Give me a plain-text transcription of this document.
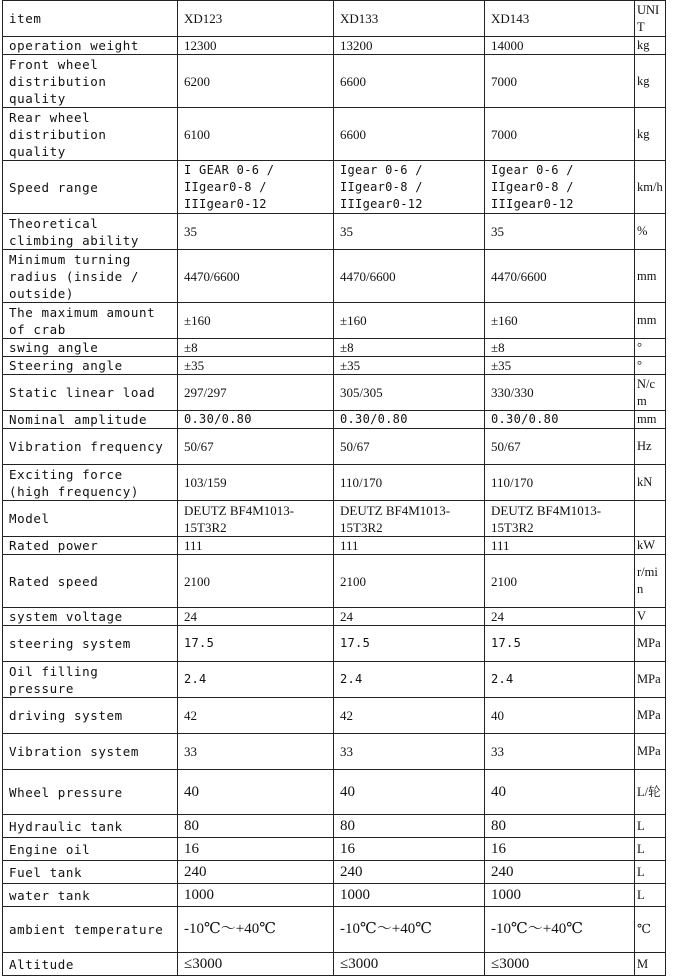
item	XD123	XD133	XD143	UNIT
operation weight	12300	13200	14000	kg
Front wheel distribution quality	6200	6600	7000	kg
Rear wheel distribution quality	6100	6600	7000	kg
Speed range	I GEAR 0-6 / IIgear0-8 / IIIgear0-12	Igear 0-6 / IIgear0-8 / IIIgear0-12	Igear 0-6 / IIgear0-8 / IIIgear0-12	km/h
Theoretical climbing ability	35	35	35	%
Minimum turning radius (inside / outside)	4470/6600	4470/6600	4470/6600	mm
The maximum amount of crab	±160	±160	±160	mm
swing angle	±8	±8	±8	°
Steering angle	±35	±35	±35	°
Static linear load	297/297	305/305	330/330	N/cm
Nominal amplitude	0.30/0.80	0.30/0.80	0.30/0.80	mm
Vibration frequency	50/67	50/67	50/67	Hz
Exciting force (high frequency)	103/159	110/170	110/170	kN
Model	DEUTZ BF4M1013-15T3R2	DEUTZ BF4M1013-15T3R2	DEUTZ BF4M1013-15T3R2	
Rated power	111	111	111	kW
Rated speed	2100	2100	2100	r/min
system voltage	24	24	24	V
steering system	17.5	17.5	17.5	MPa
Oil filling pressure	2.4	2.4	2.4	MPa
driving system	42	42	40	MPa
Vibration system	33	33	33	MPa
Wheel pressure	40	40	40	L/轮
Hydraulic tank	80	80	80	L
Engine oil	16	16	16	L
Fuel tank	240	240	240	L
water tank	1000	1000	1000	L
ambient temperature	-10℃～+40℃	-10℃～+40℃	-10℃～+40℃	℃
Altitude	≤3000	≤3000	≤3000	M
